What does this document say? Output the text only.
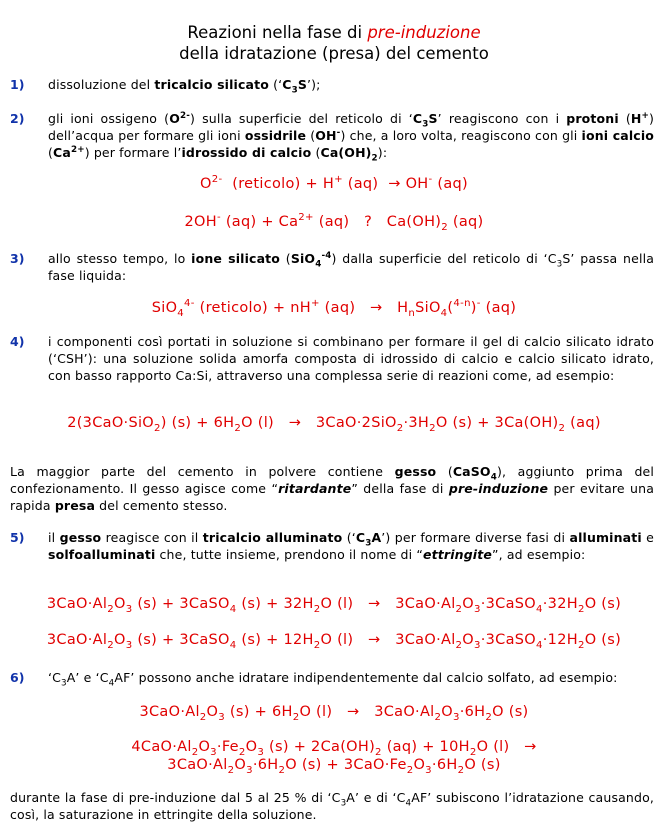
Reazioni nella fase di pre-induzione
della idratazione (presa) del cemento
1) dissoluzione del tricalcio silicato $(‘C_3S’)$;
2) gli ioni ossigeno $(O^{2-})$ sulla superficie del reticolo di ‘$C_3S$’ reagiscono con i protoni (H+) dell’acqua per formare gli ioni ossidrile (OH-) che, a loro volta, reagiscono con gli ioni calcio $(Ca^{2+})$ per formare l’idrossido di calcio $(Ca(OH)_2)$:
$O^{2-}$  (reticolo) + H+ (aq)  → OH- (aq)
2OH- $(aq) + Ca^{2+}$ (aq)   ?   $Ca(OH)_2$ (aq)
3) allo stesso tempo, lo ione silicato (SiO$_4^{-4}$) dalla superficie del reticolo di ‘$C_3S$’ passa nella fase liquida:
SiO$_4^{4-}$ (reticolo) + nH+ $(aq) \to H_nSiO_4(^{4-n})^-$ (aq)
4) i componenti così portati in soluzione si combinano per formare il gel di calcio silicato idrato (‘CSH’): una soluzione solida amorfa composta di idrossido di calcio e calcio silicato idrato, con basso rapporto Ca:Si, attraverso una complessa serie di reazioni come, ad esempio:
2(3CaO·SiO$_2$) $(s) + 6H_2O$ $(l) \to 3CaO\cdot 2SiO_2\cdot 3H_2O$ $(s) + 3Ca(OH)_2$ (aq)
La maggior parte del cemento in polvere contiene gesso (CaSO$_4$), aggiunto prima del confezionamento. Il gesso agisce come “ritardante” della fase di pre-induzione per evitare una rapida presa del cemento stesso.
5) il gesso reagisce con il tricalcio alluminato $(‘C_3A’)$ per formare diverse fasi di alluminati e solfoalluminati che, tutte insieme, prendono il nome di “ettringite”, ad esempio:
$3CaO\cdot Al_2O_3$ (s) + 3CaSO$_4$ $(s) + 32H_2O$ $(l) \to 3CaO\cdot Al_2O_3\cdot 3CaSO_4\cdot 32H_2O$ (s)
$3CaO\cdot Al_2O_3$ (s) + 3CaSO$_4$ $(s) + 12H_2O$ $(l) \to 3CaO\cdot Al_2O_3\cdot 3CaSO_4\cdot 12H_2O$ (s)
6) ‘$C_3A$’ e ‘$C_4AF$’ possono anche idratare indipendentemente dal calcio solfato, ad esempio:
$3CaO\cdot Al_2O_3$ $(s) + 6H_2O$ $(l) \to 3CaO\cdot Al_2O_3\cdot 6H_2O$ (s)
$4CaO\cdot Al_2O_3\cdot Fe_2O_3$ $(s) + 2Ca(OH)_2$ $(aq) + 10H_2O$ (l)   →
$3CaO\cdot Al_2O_3\cdot 6H_2O$ $(s) + 3CaO\cdot Fe_2O_3\cdot 6H_2O$ (s)
durante la fase di pre-induzione dal 5 al 25 % di ‘$C_3A$’ e di ‘$C_4AF$’ subiscono l’idratazione causando, così, la saturazione in ettringite della soluzione.
